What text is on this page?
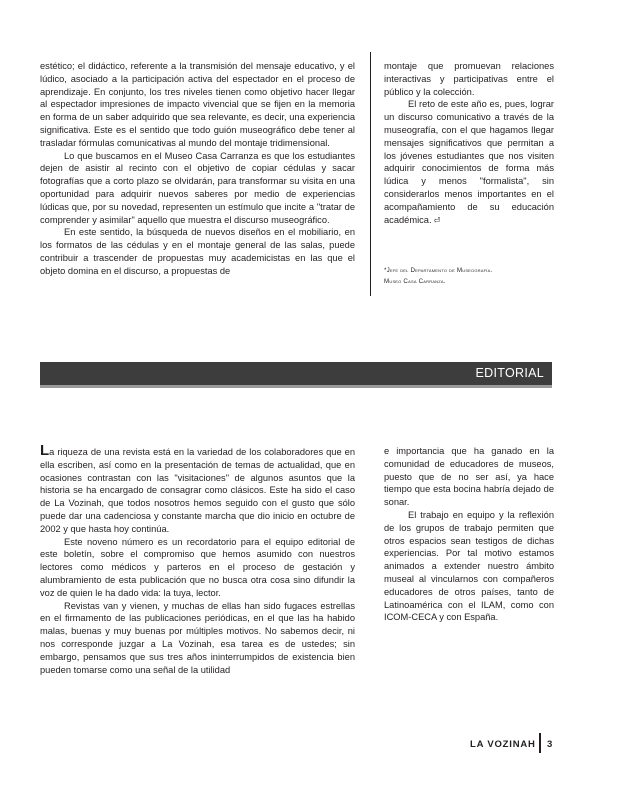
estético; el didáctico, referente a la transmisión del mensaje educativo, y el lúdico, asociado a la participación activa del espectador en el proceso de aprendizaje. En conjunto, los tres niveles tienen como objetivo hacer llegar al espectador impresiones de impacto vivencial que se fijen en la memoria en forma de un saber adquirido que sea relevante, es decir, una experiencia significativa. Este es el sentido que todo guión museográfico debe tener al trasladar fórmulas comunicativas al mundo del montaje tridimensional.

Lo que buscamos en el Museo Casa Carranza es que los estudiantes dejen de asistir al recinto con el objetivo de copiar cédulas y sacar fotografías que a corto plazo se olvidarán, para transformar su visita en una oportunidad para adquirir nuevos saberes por medio de experiencias lúdicas que, por su novedad, representen un estímulo que incite a "tratar de comprender y asimilar" aquello que muestra el discurso museográfico.

En este sentido, la búsqueda de nuevos diseños en el mobiliario, en los formatos de las cédulas y en el montaje general de las salas, puede contribuir a trascender de propuestas muy academicistas en las que el objeto domina en el discurso, a propuestas de

montaje que promuevan relaciones interactivas y participativas entre el público y la colección.

El reto de este año es, pues, lograr un discurso comunicativo a través de la museografía, con el que hagamos llegar mensajes significativos que permitan a los jóvenes estudiantes que nos visiten adquirir conocimientos de forma más lúdica y menos "formalista", sin considerarlos menos importantes en el acompañamiento de su educación académica. ⏎

*Jefe del Departamento de Museografía.
Museo Casa Carranza.
EDITORIAL

La riqueza de una revista está en la variedad de los colaboradores que en ella escriben, así como en la presentación de temas de actualidad, que en ocasiones contrastan con las "visitaciones" de algunos asuntos que la historia se ha encargado de consagrar como clásicos. Este ha sido el caso de La Vozinah, que todos nosotros hemos seguido con el gusto que sólo puede dar una cadenciosa y constante marcha que dio inicio en octubre de 2002 y que hasta hoy continúa.

Este noveno número es un recordatorio para el equipo editorial de este boletín, sobre el compromiso que hemos asumido con nuestros lectores como médicos y parteros en el proceso de gestación y alumbramiento de esta publicación que no busca otra cosa sino difundir la voz de quien le ha dado vida: la tuya, lector.

Revistas van y vienen, y muchas de ellas han sido fugaces estrellas en el firmamento de las publicaciones periódicas, en el que las ha habido malas, buenas y muy buenas por múltiples motivos. No sabemos decir, ni nos corresponde juzgar a La Vozinah, esa tarea es de ustedes; sin embargo, pensamos que sus tres años ininterrumpidos de existencia bien pueden tomarse como una señal de la utilidad

e importancia que ha ganado en la comunidad de educadores de museos, puesto que de no ser así, ya hace tiempo que esta bocina habría dejado de sonar.

El trabajo en equipo y la reflexión de los grupos de trabajo permiten que otros espacios sean testigos de dichas experiencias. Por tal motivo estamos animados a extender nuestro ámbito museal al vincularnos con compañeros educadores de otros países, tanto de Latinoamérica con el ILAM, como con ICOM-CECA y con España.

LA VOZINAH 3
